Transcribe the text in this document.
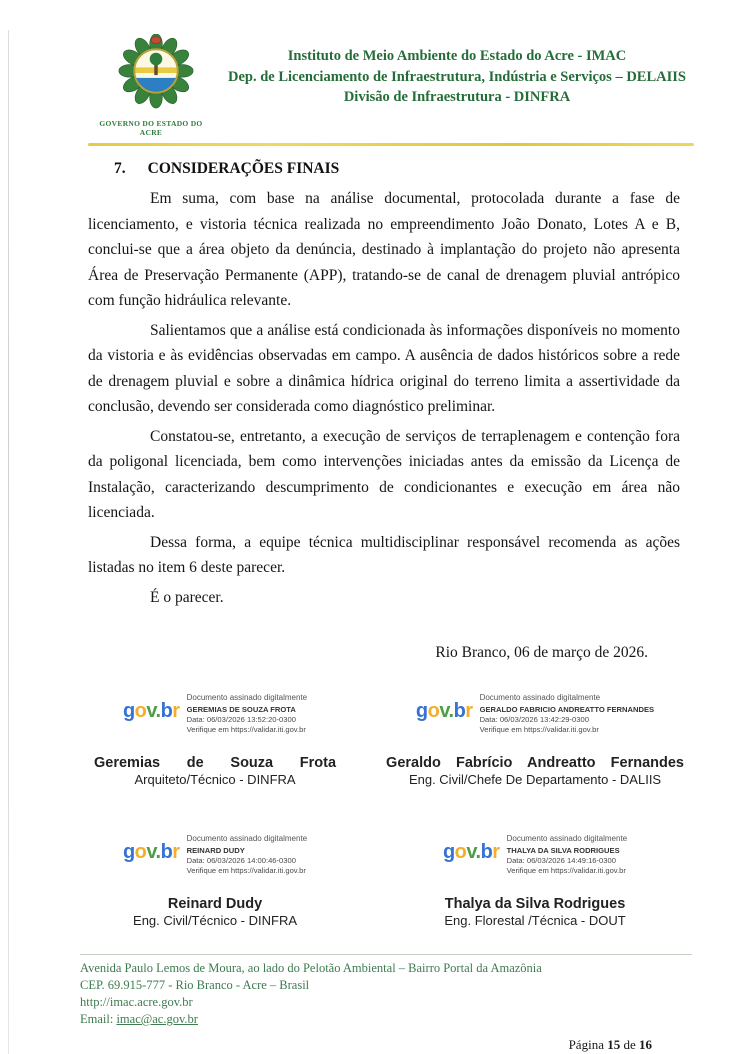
GOVERNO DO ESTADO DO ACRE
Instituto de Meio Ambiente do Estado do Acre - IMAC
Dep. de Licenciamento de Infraestrutura, Indústria e Serviços – DELAIIS
Divisão de Infraestrutura - DINFRA
7. CONSIDERAÇÕES FINAIS

Em suma, com base na análise documental, protocolada durante a fase de licenciamento, e vistoria técnica realizada no empreendimento João Donato, Lotes A e B, conclui-se que a área objeto da denúncia, destinado à implantação do projeto não apresenta Área de Preservação Permanente (APP), tratando-se de canal de drenagem pluvial antrópico com função hidráulica relevante.

Salientamos que a análise está condicionada às informações disponíveis no momento da vistoria e às evidências observadas em campo. A ausência de dados históricos sobre a rede de drenagem pluvial e sobre a dinâmica hídrica original do terreno limita a assertividade da conclusão, devendo ser considerada como diagnóstico preliminar.

Constatou-se, entretanto, a execução de serviços de terraplenagem e contenção fora da poligonal licenciada, bem como intervenções iniciadas antes da emissão da Licença de Instalação, caracterizando descumprimento de condicionantes e execução em área não licenciada.

Dessa forma, a equipe técnica multidisciplinar responsável recomenda as ações listadas no item 6 deste parecer.

É o parecer.

Rio Branco, 06 de março de 2026.
gov.br
Documento assinado digitalmente
GEREMIAS DE SOUZA FROTA
Data: 06/03/2026 13:52:20-0300
Verifique em https://validar.iti.gov.br
Geremias de Souza Frota
Arquiteto/Técnico - DINFRA
gov.br
Documento assinado digitalmente
GERALDO FABRICIO ANDREATTO FERNANDES
Data: 06/03/2026 13:42:29-0300
Verifique em https://validar.iti.gov.br
Geraldo Fabrício Andreatto Fernandes
Eng. Civil/Chefe De Departamento - DALIIS
gov.br
Documento assinado digitalmente
REINARD DUDY
Data: 06/03/2026 14:00:46-0300
Verifique em https://validar.iti.gov.br
Reinard Dudy
Eng. Civil/Técnico - DINFRA
gov.br
Documento assinado digitalmente
THALYA DA SILVA RODRIGUES
Data: 06/03/2026 14:49:16-0300
Verifique em https://validar.iti.gov.br
Thalya da Silva Rodrigues
Eng. Florestal /Técnica - DOUT
Avenida Paulo Lemos de Moura, ao lado do Pelotão Ambiental – Bairro Portal da Amazônia
CEP. 69.915-777 - Rio Branco - Acre – Brasil
http://imac.acre.gov.br
Email: imac@ac.gov.br
Página 15 de 16
